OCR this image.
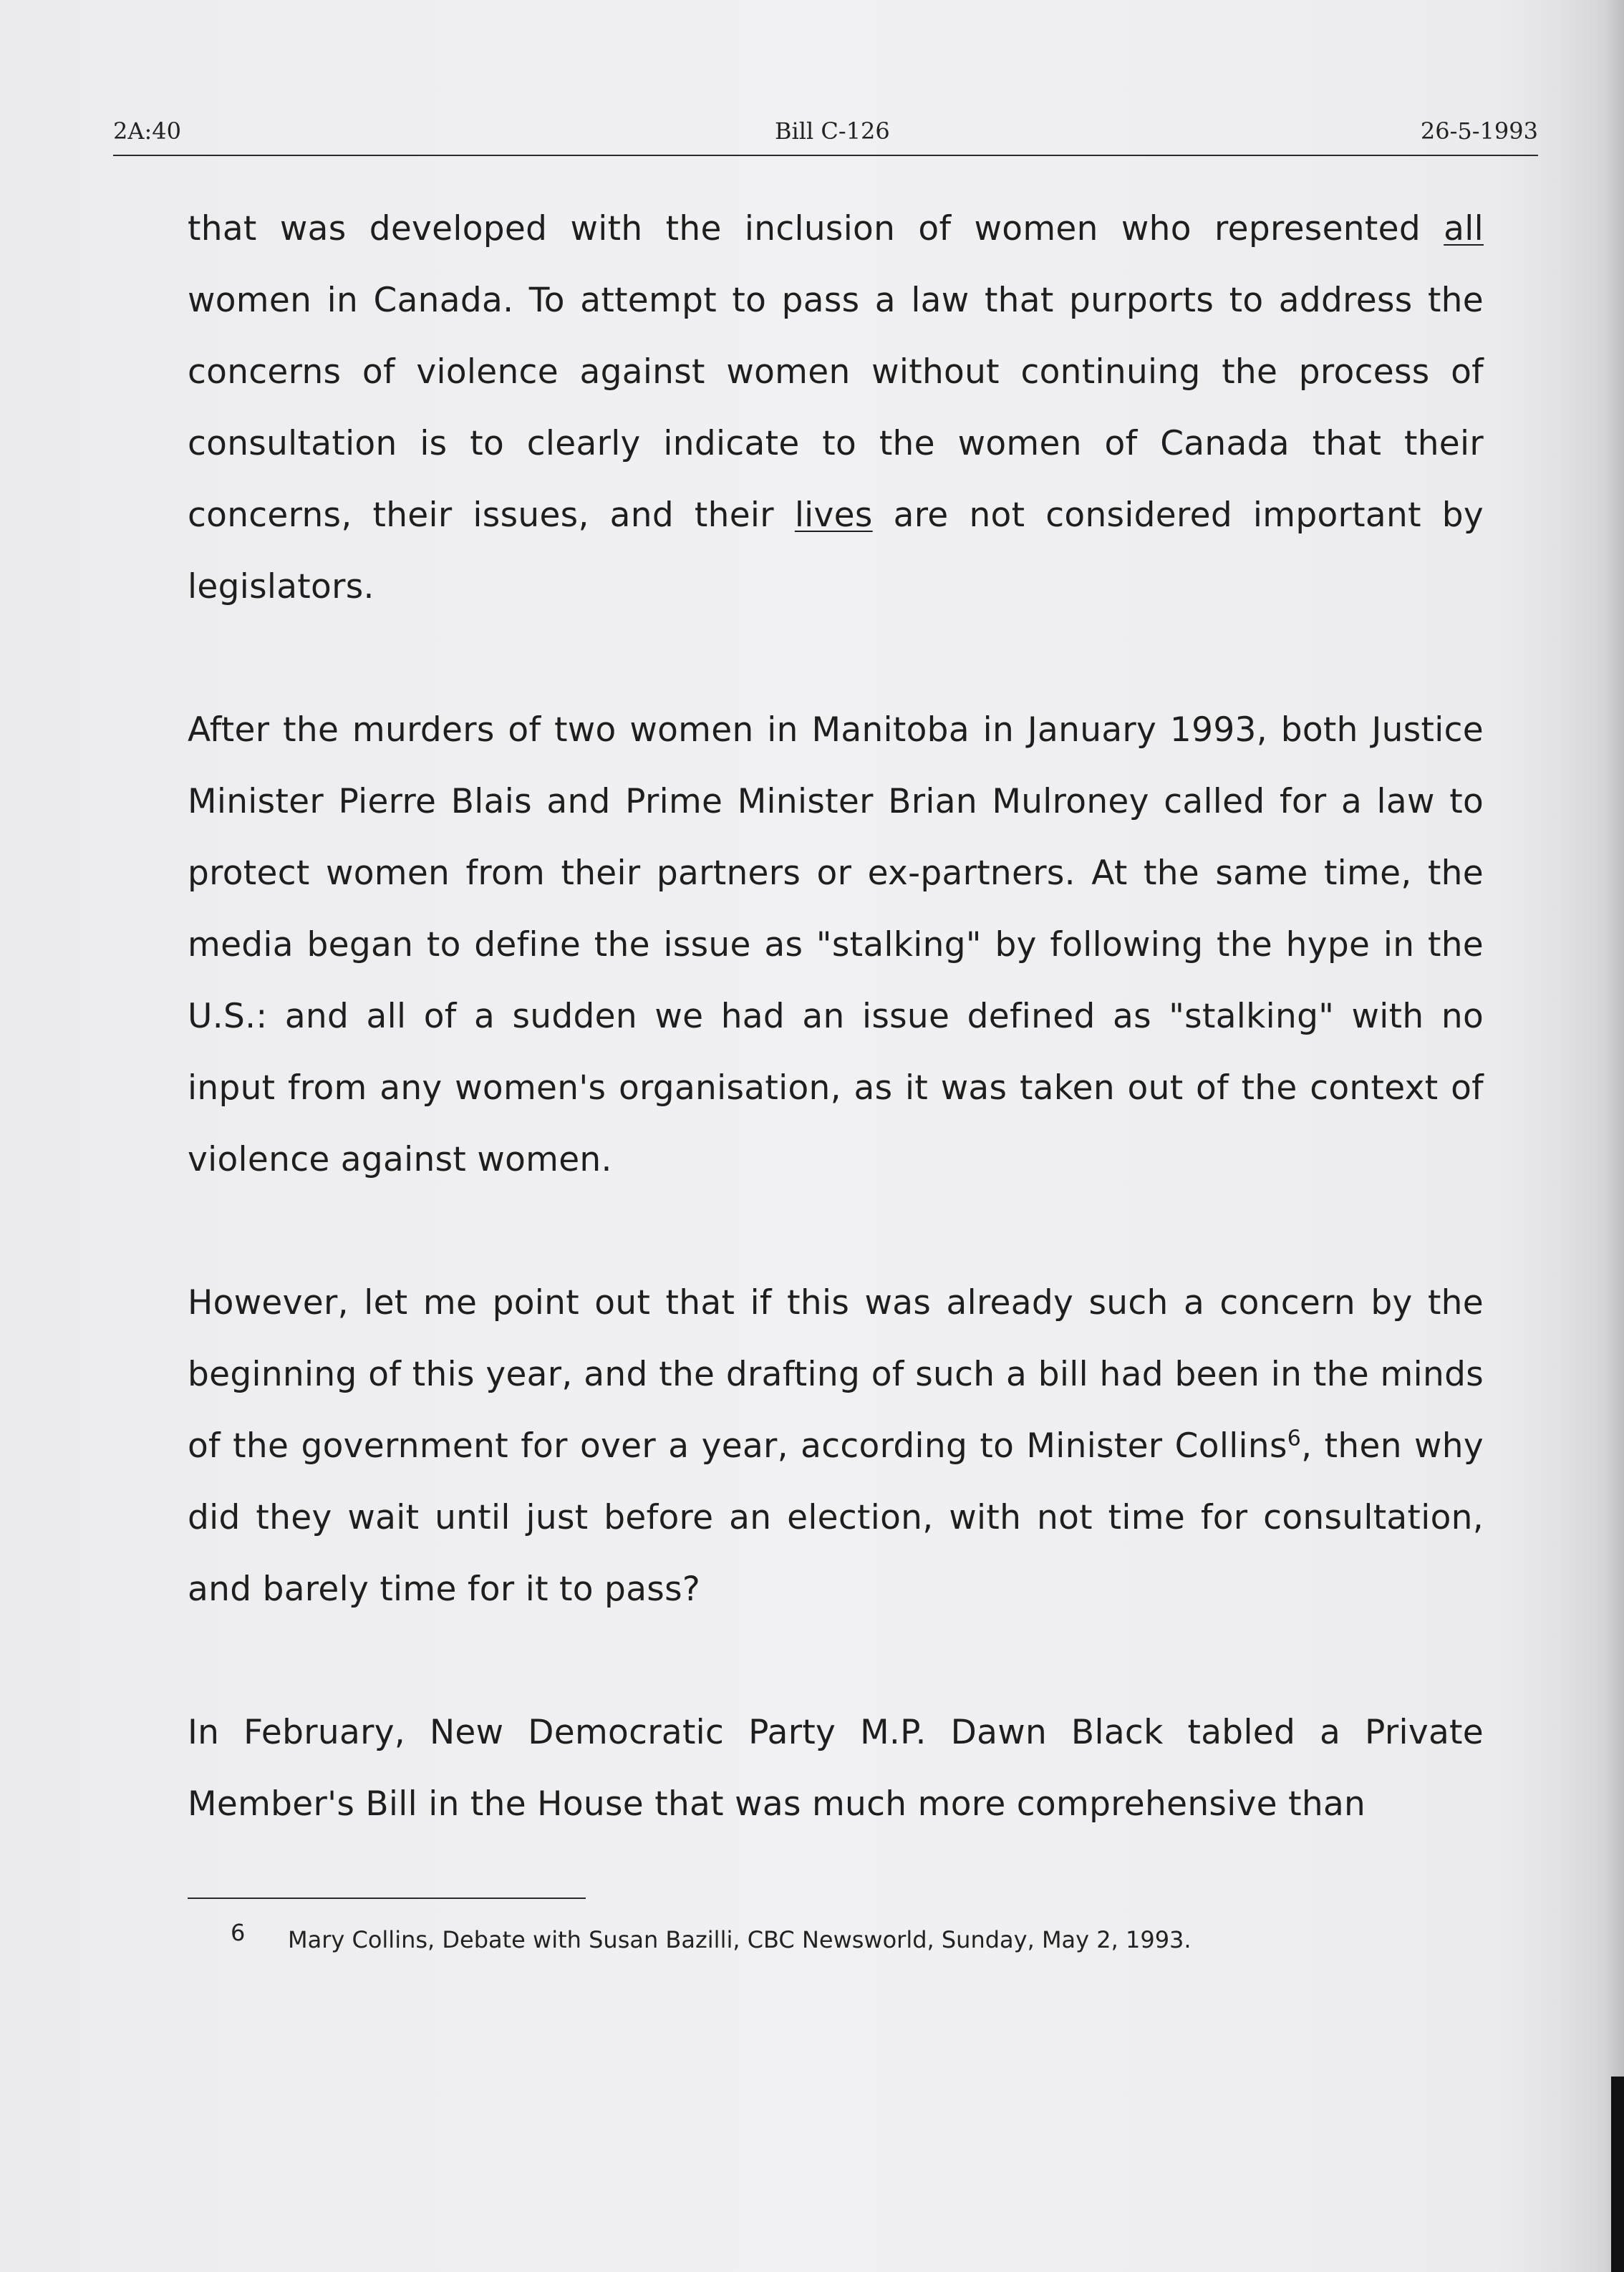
2A:40	Bill C-126	26-5-1993

that was developed with the inclusion of women who represented all women in Canada. To attempt to pass a law that purports to address the concerns of violence against women without continuing the process of consultation is to clearly indicate to the women of Canada that their concerns, their issues, and their lives are not considered important by legislators.

After the murders of two women in Manitoba in January 1993, both Justice Minister Pierre Blais and Prime Minister Brian Mulroney called for a law to protect women from their partners or ex-partners. At the same time, the media began to define the issue as "stalking" by following the hype in the U.S.: and all of a sudden we had an issue defined as "stalking" with no input from any women's organisation, as it was taken out of the context of violence against women.

However, let me point out that if this was already such a concern by the beginning of this year, and the drafting of such a bill had been in the minds of the government for over a year, according to Minister Collins$^6$, then why did they wait until just before an election, with not time for consultation, and barely time for it to pass?

In February, New Democratic Party M.P. Dawn Black tabled a Private Member's Bill in the House that was much more comprehensive than

6 Mary Collins, Debate with Susan Bazilli, CBC Newsworld, Sunday, May 2, 1993.
